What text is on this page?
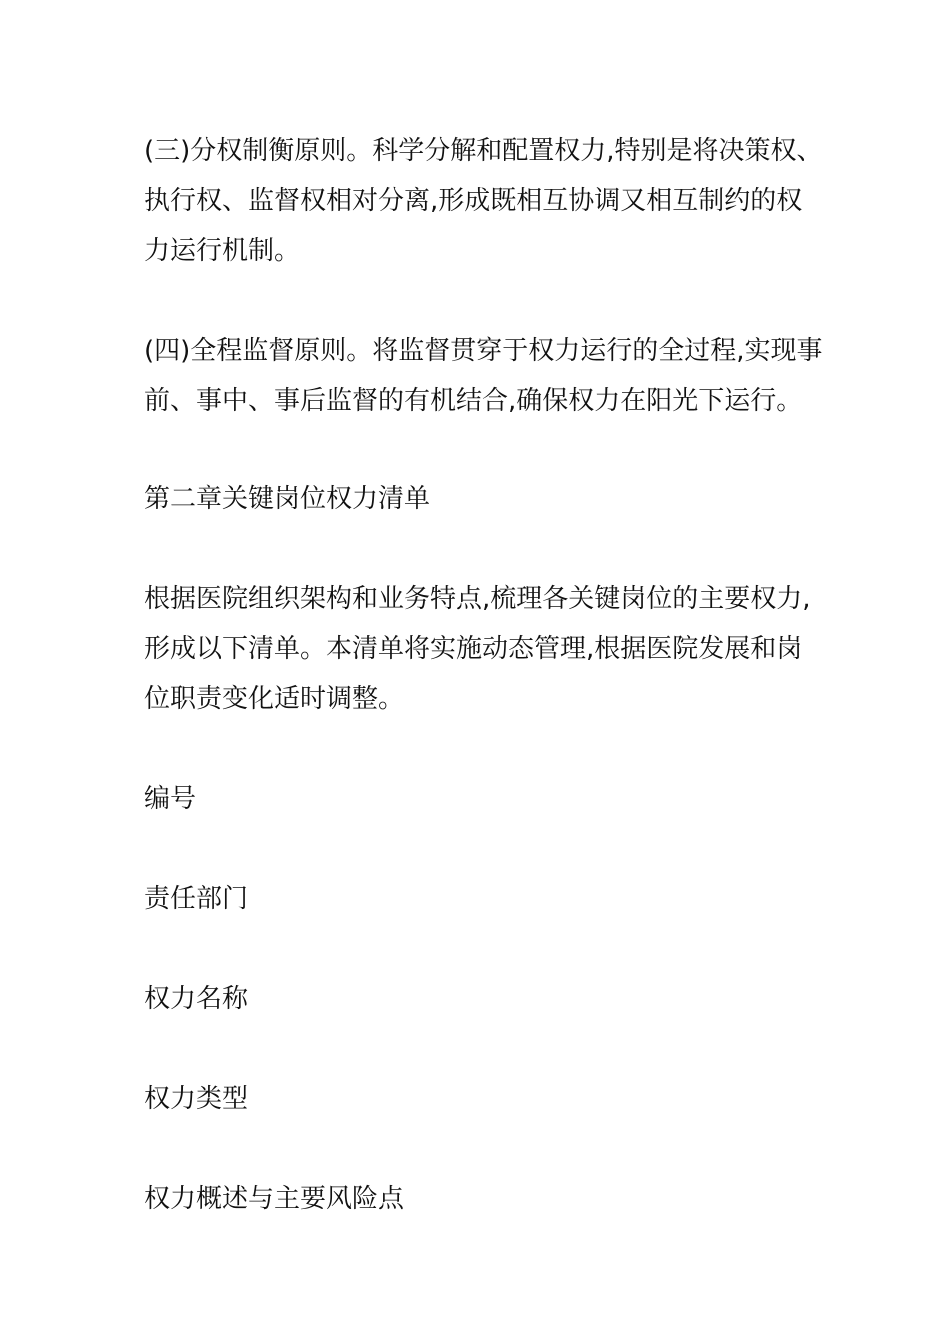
(三)分权制衡原则。科学分解和配置权力,特别是将决策权、
执行权、监督权相对分离,形成既相互协调又相互制约的权
力运行机制。
(四)全程监督原则。将监督贯穿于权力运行的全过程,实现事
前、事中、事后监督的有机结合,确保权力在阳光下运行。
第二章关键岗位权力清单
根据医院组织架构和业务特点,梳理各关键岗位的主要权力,
形成以下清单。本清单将实施动态管理,根据医院发展和岗
位职责变化适时调整。
编号
责任部门
权力名称
权力类型
权力概述与主要风险点
